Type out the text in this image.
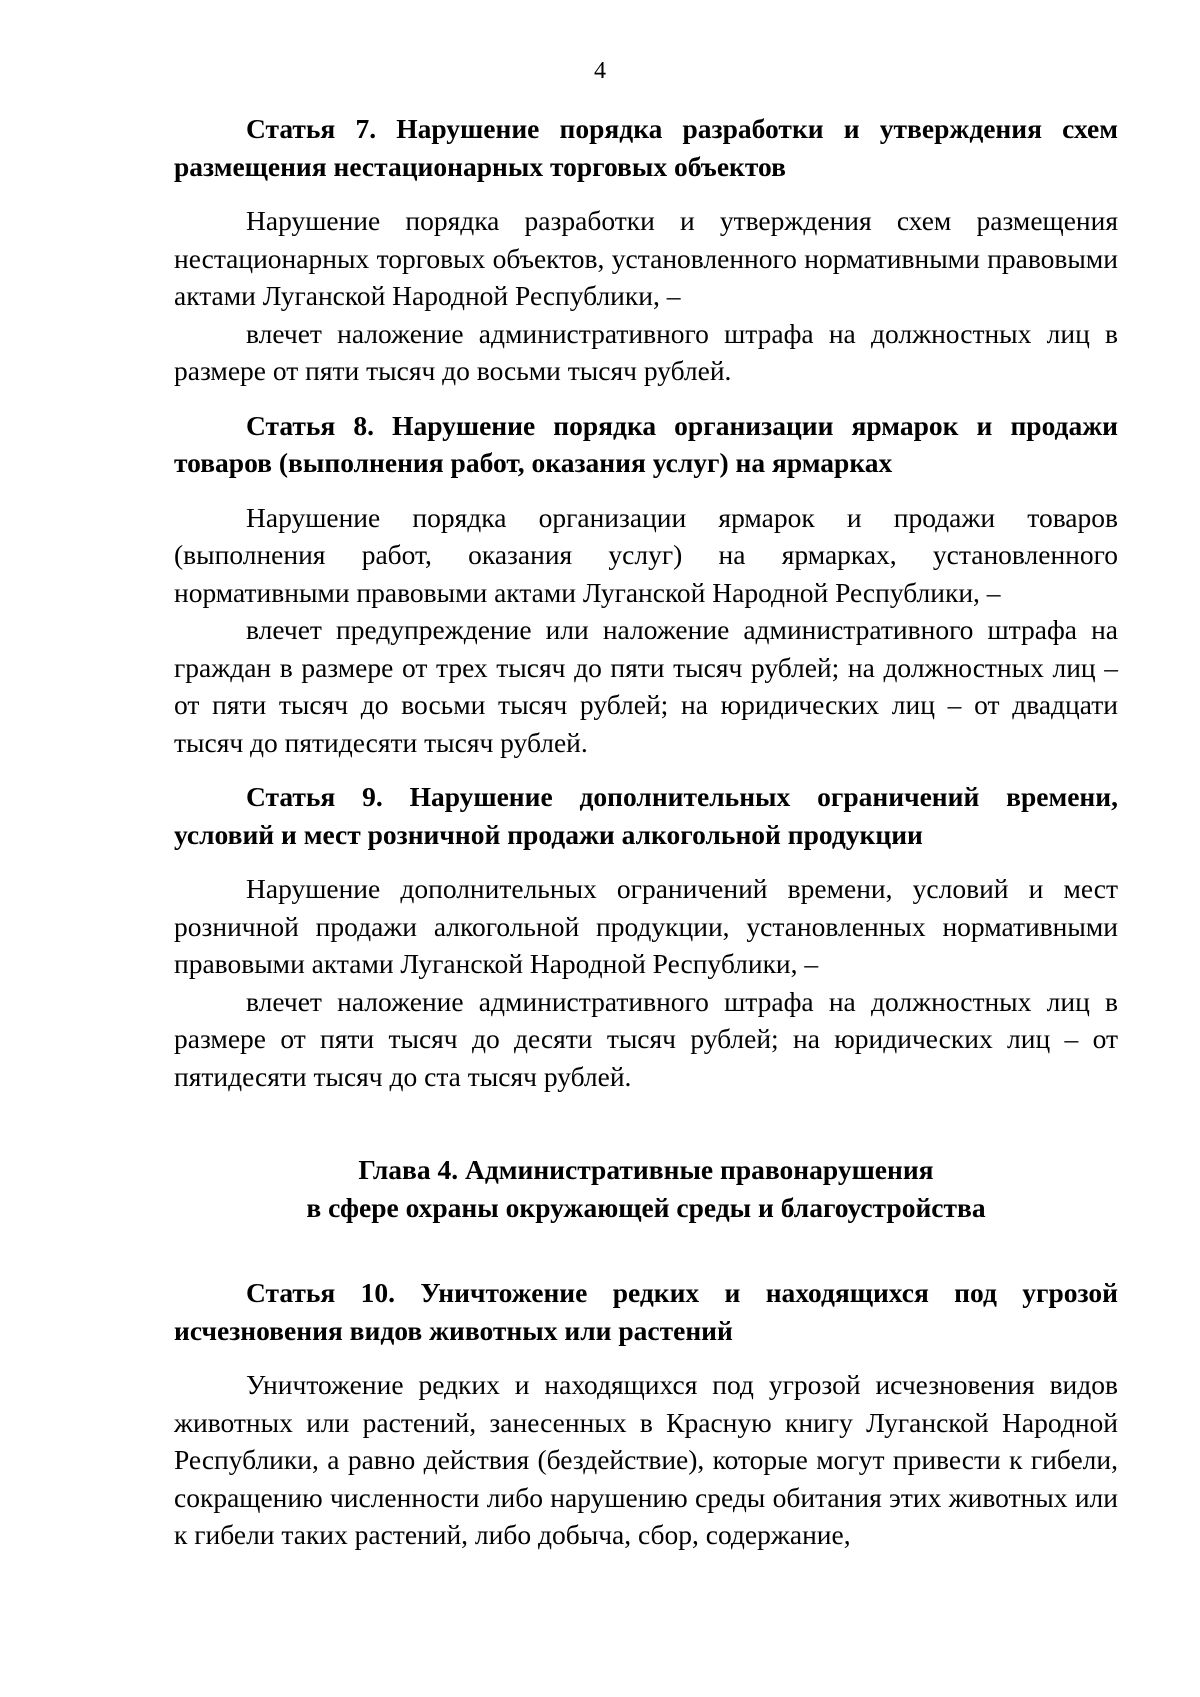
4

Статья 7. Нарушение порядка разработки и утверждения схем размещения нестационарных торговых объектов

Нарушение порядка разработки и утверждения схем размещения нестационарных торговых объектов, установленного нормативными правовыми актами Луганской Народной Республики, –

влечет наложение административного штрафа на должностных лиц в размере от пяти тысяч до восьми тысяч рублей.

Статья 8. Нарушение порядка организации ярмарок и продажи товаров (выполнения работ, оказания услуг) на ярмарках

Нарушение порядка организации ярмарок и продажи товаров (выполнения работ, оказания услуг) на ярмарках, установленного нормативными правовыми актами Луганской Народной Республики, –

влечет предупреждение или наложение административного штрафа на граждан в размере от трех тысяч до пяти тысяч рублей; на должностных лиц – от пяти тысяч до восьми тысяч рублей; на юридических лиц – от двадцати тысяч до пятидесяти тысяч рублей.

Статья 9. Нарушение дополнительных ограничений времени, условий и мест розничной продажи алкогольной продукции

Нарушение дополнительных ограничений времени, условий и мест розничной продажи алкогольной продукции, установленных нормативными правовыми актами Луганской Народной Республики, –

влечет наложение административного штрафа на должностных лиц в размере от пяти тысяч до десяти тысяч рублей; на юридических лиц – от пятидесяти тысяч до ста тысяч рублей.

Глава 4. Административные правонарушения
в сфере охраны окружающей среды и благоустройства

Статья 10. Уничтожение редких и находящихся под угрозой исчезновения видов животных или растений

Уничтожение редких и находящихся под угрозой исчезновения видов животных или растений, занесенных в Красную книгу Луганской Народной Республики, а равно действия (бездействие), которые могут привести к гибели, сокращению численности либо нарушению среды обитания этих животных или к гибели таких растений, либо добыча, сбор, содержание,
